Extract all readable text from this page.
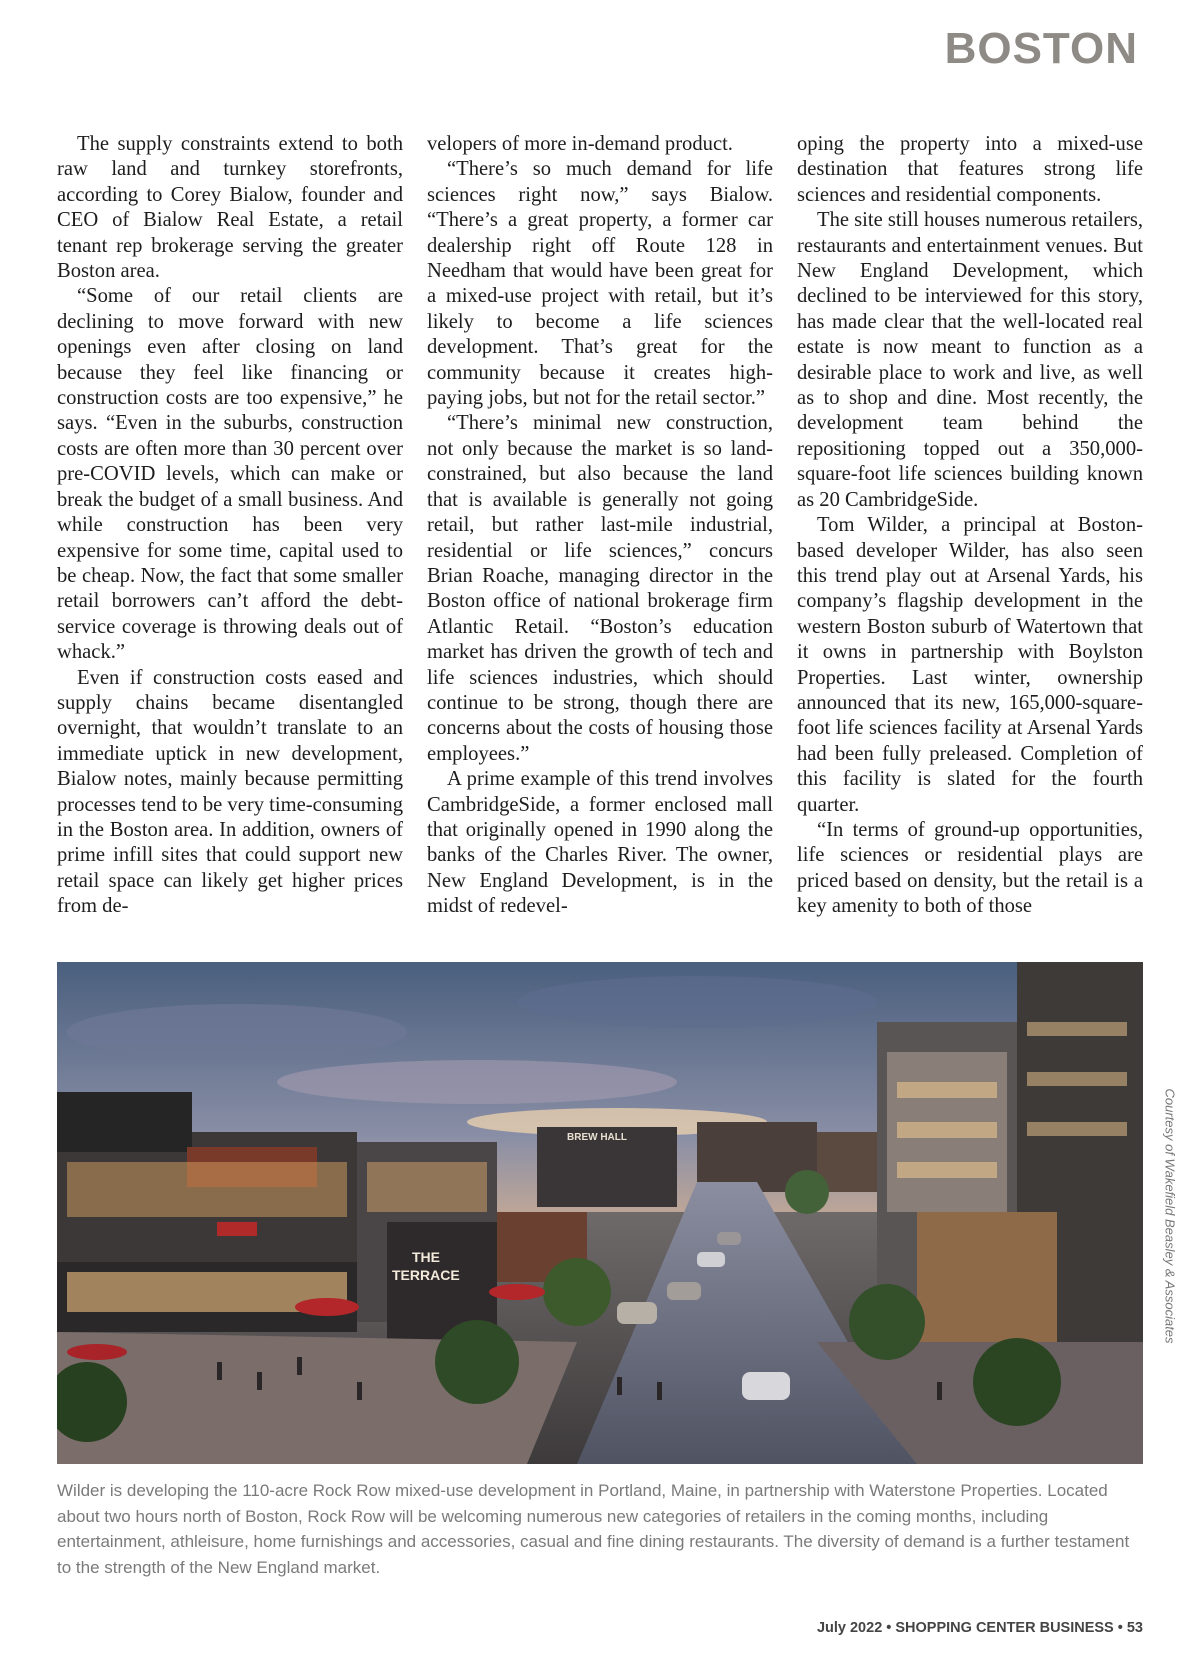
BOSTON

The supply constraints extend to both raw land and turnkey storefronts, according to Corey Bialow, founder and CEO of Bialow Real Estate, a retail tenant rep brokerage serving the greater Boston area.

“Some of our retail clients are declining to move forward with new openings even after closing on land because they feel like financing or construction costs are too expensive,” he says. “Even in the suburbs, construction costs are often more than 30 percent over pre-COVID levels, which can make or break the budget of a small business. And while construction has been very expensive for some time, capital used to be cheap. Now, the fact that some smaller retail borrowers can’t afford the debt-service coverage is throwing deals out of whack.”

Even if construction costs eased and supply chains became disentangled overnight, that wouldn’t translate to an immediate uptick in new development, Bialow notes, mainly because permitting processes tend to be very time-consuming in the Boston area. In addition, owners of prime infill sites that could support new retail space can likely get higher prices from de-

velopers of more in-demand product.

“There’s so much demand for life sciences right now,” says Bialow. “There’s a great property, a former car dealership right off Route 128 in Needham that would have been great for a mixed-use project with retail, but it’s likely to become a life sciences development. That’s great for the community because it creates high-paying jobs, but not for the retail sector.”

“There’s minimal new construction, not only because the market is so land-constrained, but also because the land that is available is generally not going retail, but rather last-mile industrial, residential or life sciences,” concurs Brian Roache, managing director in the Boston office of national brokerage firm Atlantic Retail. “Boston’s education market has driven the growth of tech and life sciences industries, which should continue to be strong, though there are concerns about the costs of housing those employees.”

A prime example of this trend involves CambridgeSide, a former enclosed mall that originally opened in 1990 along the banks of the Charles River. The owner, New England Development, is in the midst of redevel-

oping the property into a mixed-use destination that features strong life sciences and residential components.

The site still houses numerous retailers, restaurants and entertainment venues. But New England Development, which declined to be interviewed for this story, has made clear that the well-located real estate is now meant to function as a desirable place to work and live, as well as to shop and dine. Most recently, the development team behind the repositioning topped out a 350,000-square-foot life sciences building known as 20 CambridgeSide.

Tom Wilder, a principal at Boston-based developer Wilder, has also seen this trend play out at Arsenal Yards, his company’s flagship development in the western Boston suburb of Watertown that it owns in partnership with Boylston Properties. Last winter, ownership announced that its new, 165,000-square-foot life sciences facility at Arsenal Yards had been fully preleased. Completion of this facility is slated for the fourth quarter.

“In terms of ground-up opportunities, life sciences or residential plays are priced based on density, but the retail is a key amenity to both of those

BREW HALL
THE
TERRACE	Courtesy of Wakefield Beasley & Associates

Wilder is developing the 110-acre Rock Row mixed-use development in Portland, Maine, in partnership with Waterstone Properties. Located about two hours north of Boston, Rock Row will be welcoming numerous new categories of retailers in the coming months, including entertainment, athleisure, home furnishings and accessories, casual and fine dining restaurants. The diversity of demand is a further testament to the strength of the New England market.

July 2022 • SHOPPING CENTER BUSINESS • 53
